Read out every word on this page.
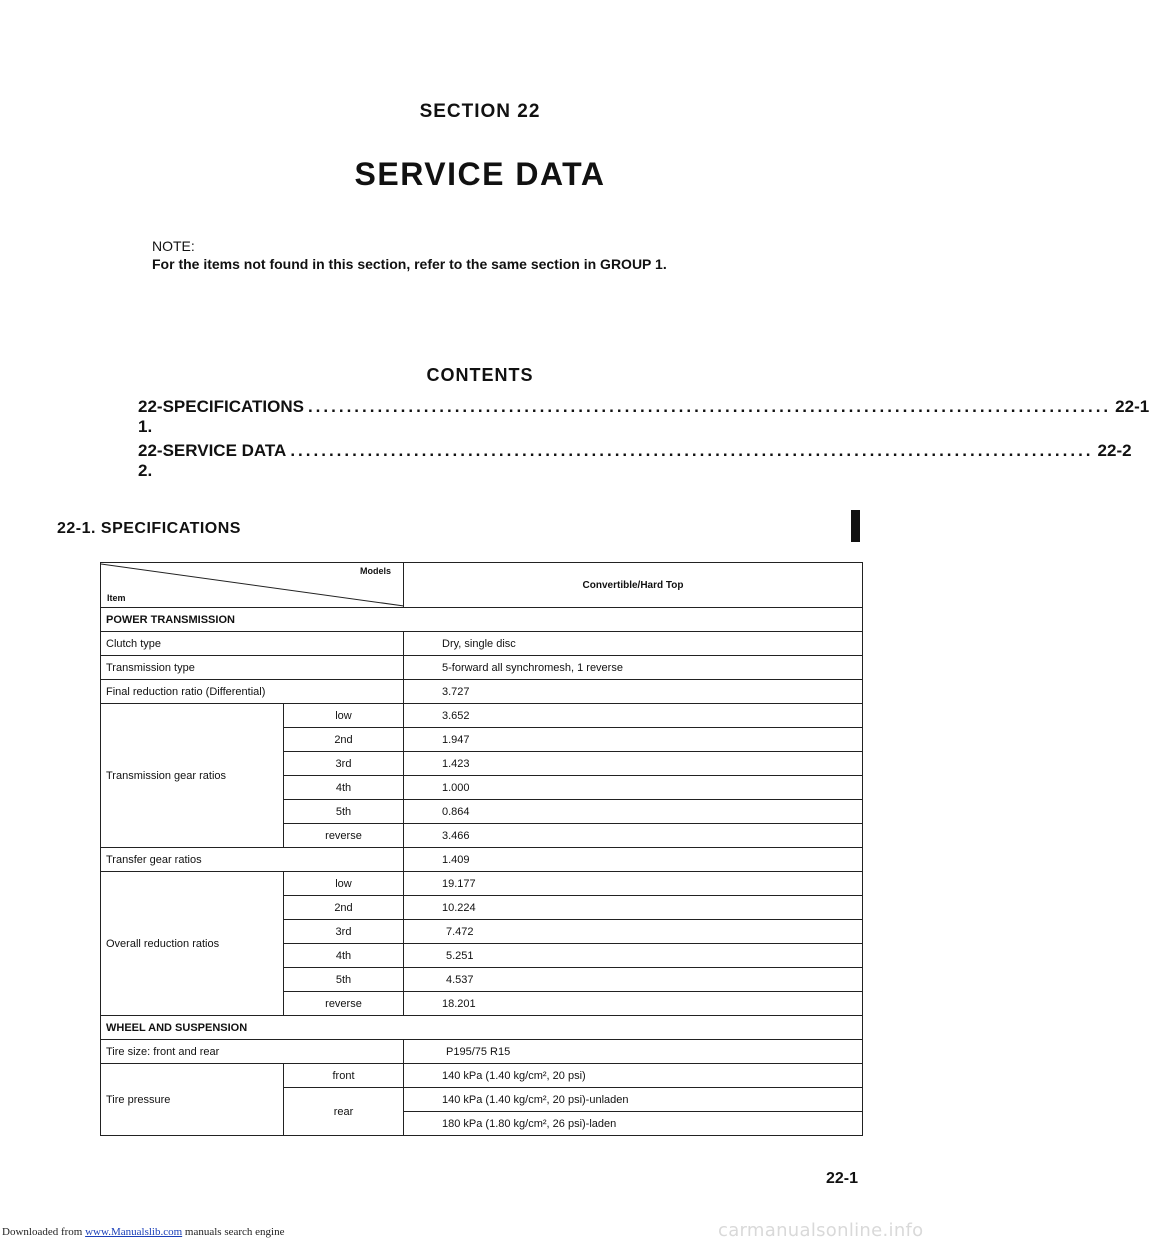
SECTION 22
SERVICE DATA
NOTE:
For the items not found in this section, refer to the same section in GROUP 1.
CONTENTS
22-1.
SPECIFICATIONS ........................................................................................................ 22-1
22-2.
SERVICE DATA ........................................................................................................ 22-2
22-1. SPECIFICATIONS
Models
Item		Convertible/Hard Top
POWER TRANSMISSION		
Clutch type		Dry, single disc
Transmission type		5-forward all synchromesh, 1 reverse
Final reduction ratio (Differential)		3.727
Transmission gear ratios	low	3.652
	2nd	1.947
	3rd	1.423
	4th	1.000
	5th	0.864
	reverse	3.466
Transfer gear ratios		1.409
Overall reduction ratios	low	19.177
	2nd	10.224
	3rd	7.472
	4th	5.251
	5th	4.537
	reverse	18.201
WHEEL AND SUSPENSION		
Tire size: front and rear		P195/75 R15
Tire pressure	front	140 kPa (1.40 kg/cm², 20 psi)
	rear	140 kPa (1.40 kg/cm², 20 psi)-unladen
		180 kPa (1.80 kg/cm², 26 psi)-laden
22-1
Downloaded from www.Manualslib.com manuals search engine	carmanualsonline.info
